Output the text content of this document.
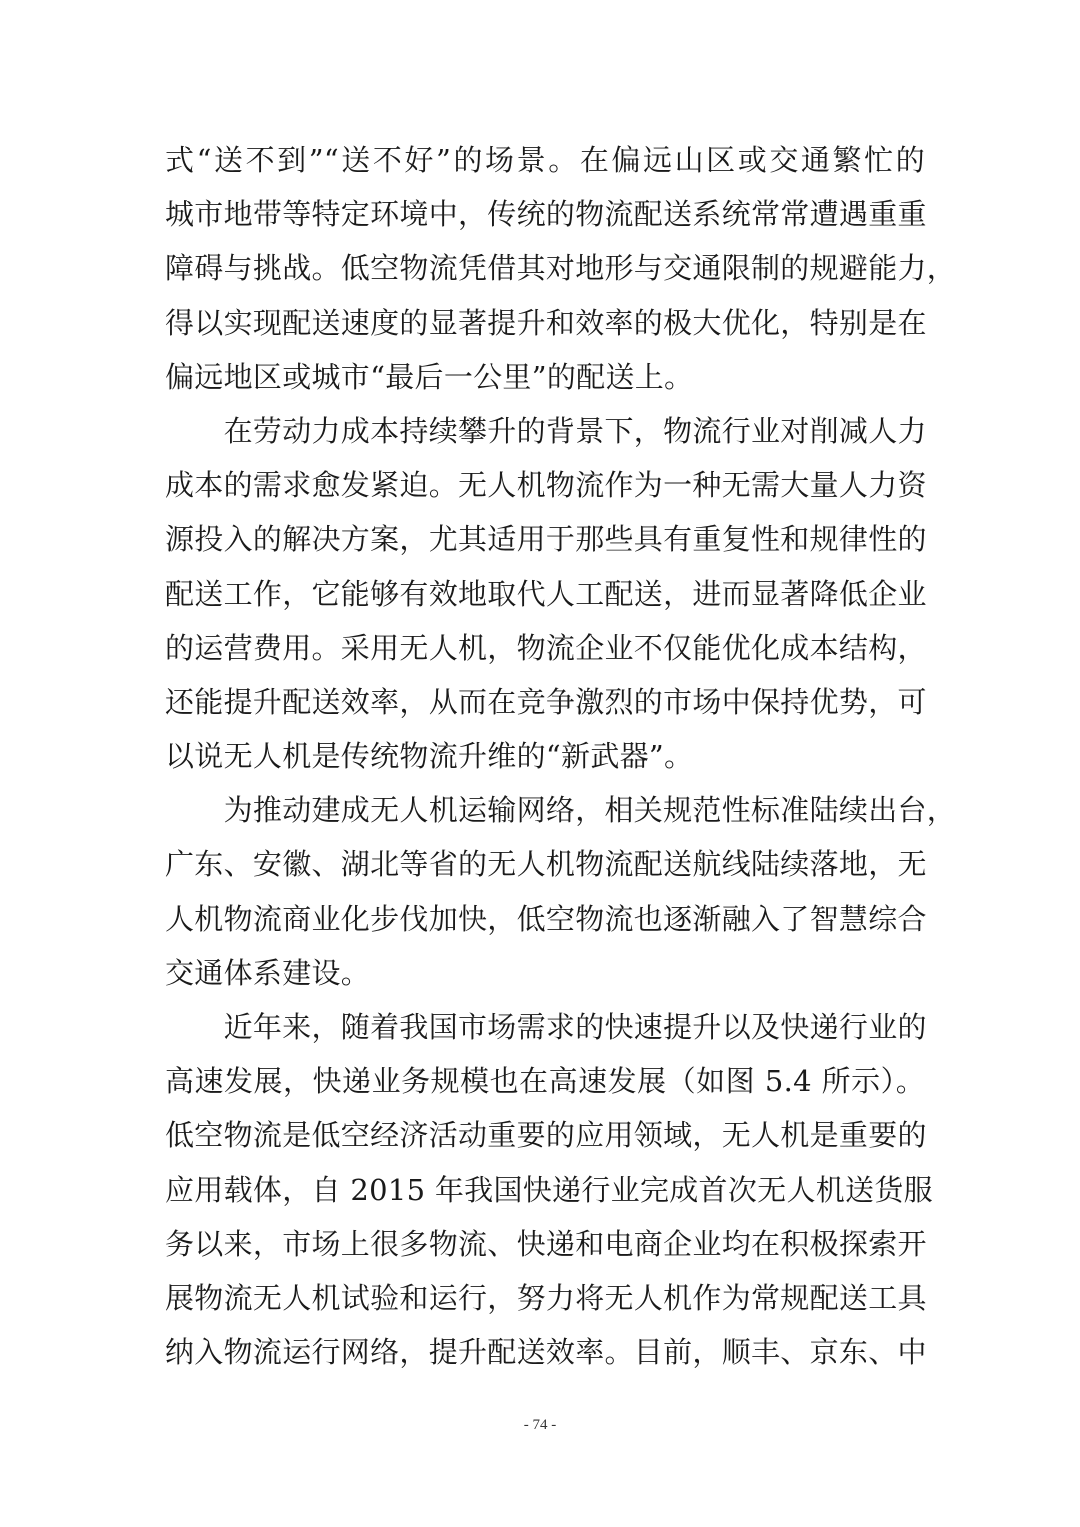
式“送不到”“送不好”的场景。在偏远山区或交通繁忙的
城市地带等特定环境中，传统的物流配送系统常常遭遇重重
障碍与挑战。低空物流凭借其对地形与交通限制的规避能力，
得以实现配送速度的显著提升和效率的极大优化，特别是在
偏远地区或城市“最后一公里”的配送上。
　　在劳动力成本持续攀升的背景下，物流行业对削减人力
成本的需求愈发紧迫。无人机物流作为一种无需大量人力资
源投入的解决方案，尤其适用于那些具有重复性和规律性的
配送工作，它能够有效地取代人工配送，进而显著降低企业
的运营费用。采用无人机，物流企业不仅能优化成本结构，
还能提升配送效率，从而在竞争激烈的市场中保持优势，可
以说无人机是传统物流升维的“新武器”。
　　为推动建成无人机运输网络，相关规范性标准陆续出台，
广东、安徽、湖北等省的无人机物流配送航线陆续落地，无
人机物流商业化步伐加快，低空物流也逐渐融入了智慧综合
交通体系建设。
　　近年来，随着我国市场需求的快速提升以及快递行业的
高速发展，快递业务规模也在高速发展（如图 5.4 所示）。
低空物流是低空经济活动重要的应用领域，无人机是重要的
应用载体，自 2015 年我国快递行业完成首次无人机送货服
务以来，市场上很多物流、快递和电商企业均在积极探索开
展物流无人机试验和运行，努力将无人机作为常规配送工具
纳入物流运行网络，提升配送效率。目前，顺丰、京东、中
- 74 -
